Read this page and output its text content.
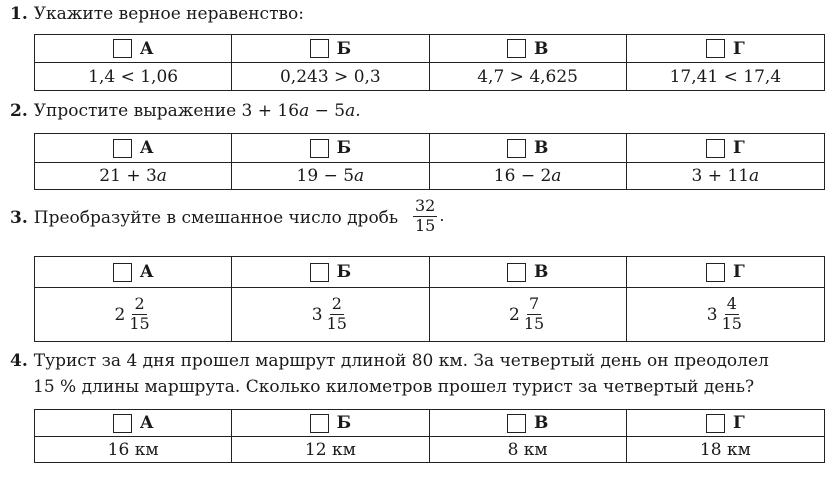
1. Укажите верное неравенство:
А	Б	В	Г
1,4 < 1,06	0,243 > 0,3	4,7 > 4,625	17,41 < 17,4
2. Упростите выражение 3 + 16a − 5a.
А	Б	В	Г
21 + 3 a	19 − 5 a	16 − 2 a	3 + 11 a
3. Преобразуйте в смешанное число дробь $\frac{32}{15}$ .
А	Б	В	Г
$2 \frac{2}{15}$	$3 \frac{2}{15}$	$2 \frac{7}{15}$	$3 \frac{4}{15}$
4. Турист за 4 дня прошел маршрут длиной 80 км. За четвертый день он преодолел
15 % длины маршрута. Сколько километров прошел турист за четвертый день?
А	Б	В	Г
16 км	12 км	8 км	18 км
